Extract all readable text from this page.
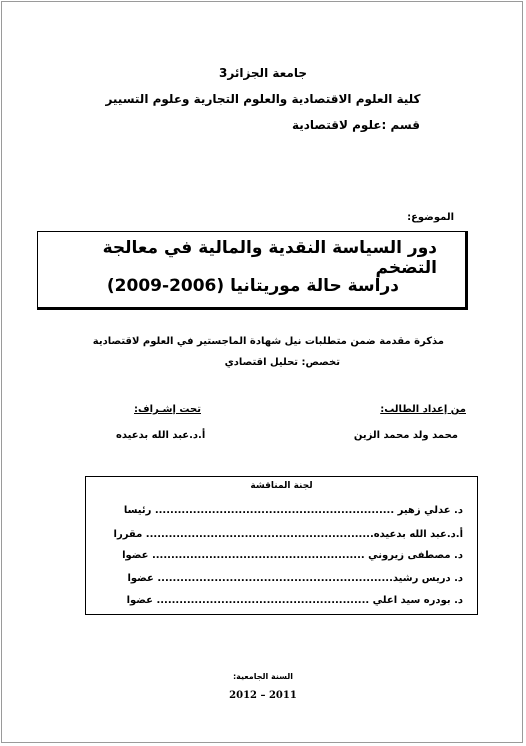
جامعة الجزائر3
كلية العلوم الاقتصادية والعلوم التجارية وعلوم التسيير
قسم :علوم لاقتصادية
الموضوع:
دور السياسة النقدية والمالية في معالجة التضخم
دراسة حالة موريتانيا (2006-2009)
مذكرة مقدمة ضمن متطلبات نيل شهادة الماجستير في العلوم لاقتصادية
تخصص: تحليل اقتصادي
من إعداد الطالب:
تحت إشـراف:
محمد ولد محمد الزين
أ.د.عبد الله بدعيده
لجنة المناقشة
د. عدلي زهير ............................................................... رئيسا
أ.د.عبد الله بدعيده............................................................ مقررا
د. مصطفى زيروني ........................................................ عضوا
د. دريس رشيد.............................................................. عضوا
د. بودره سيد اعلي ........................................................ عضوا
السنة الجامعية:
2012 – 2011
